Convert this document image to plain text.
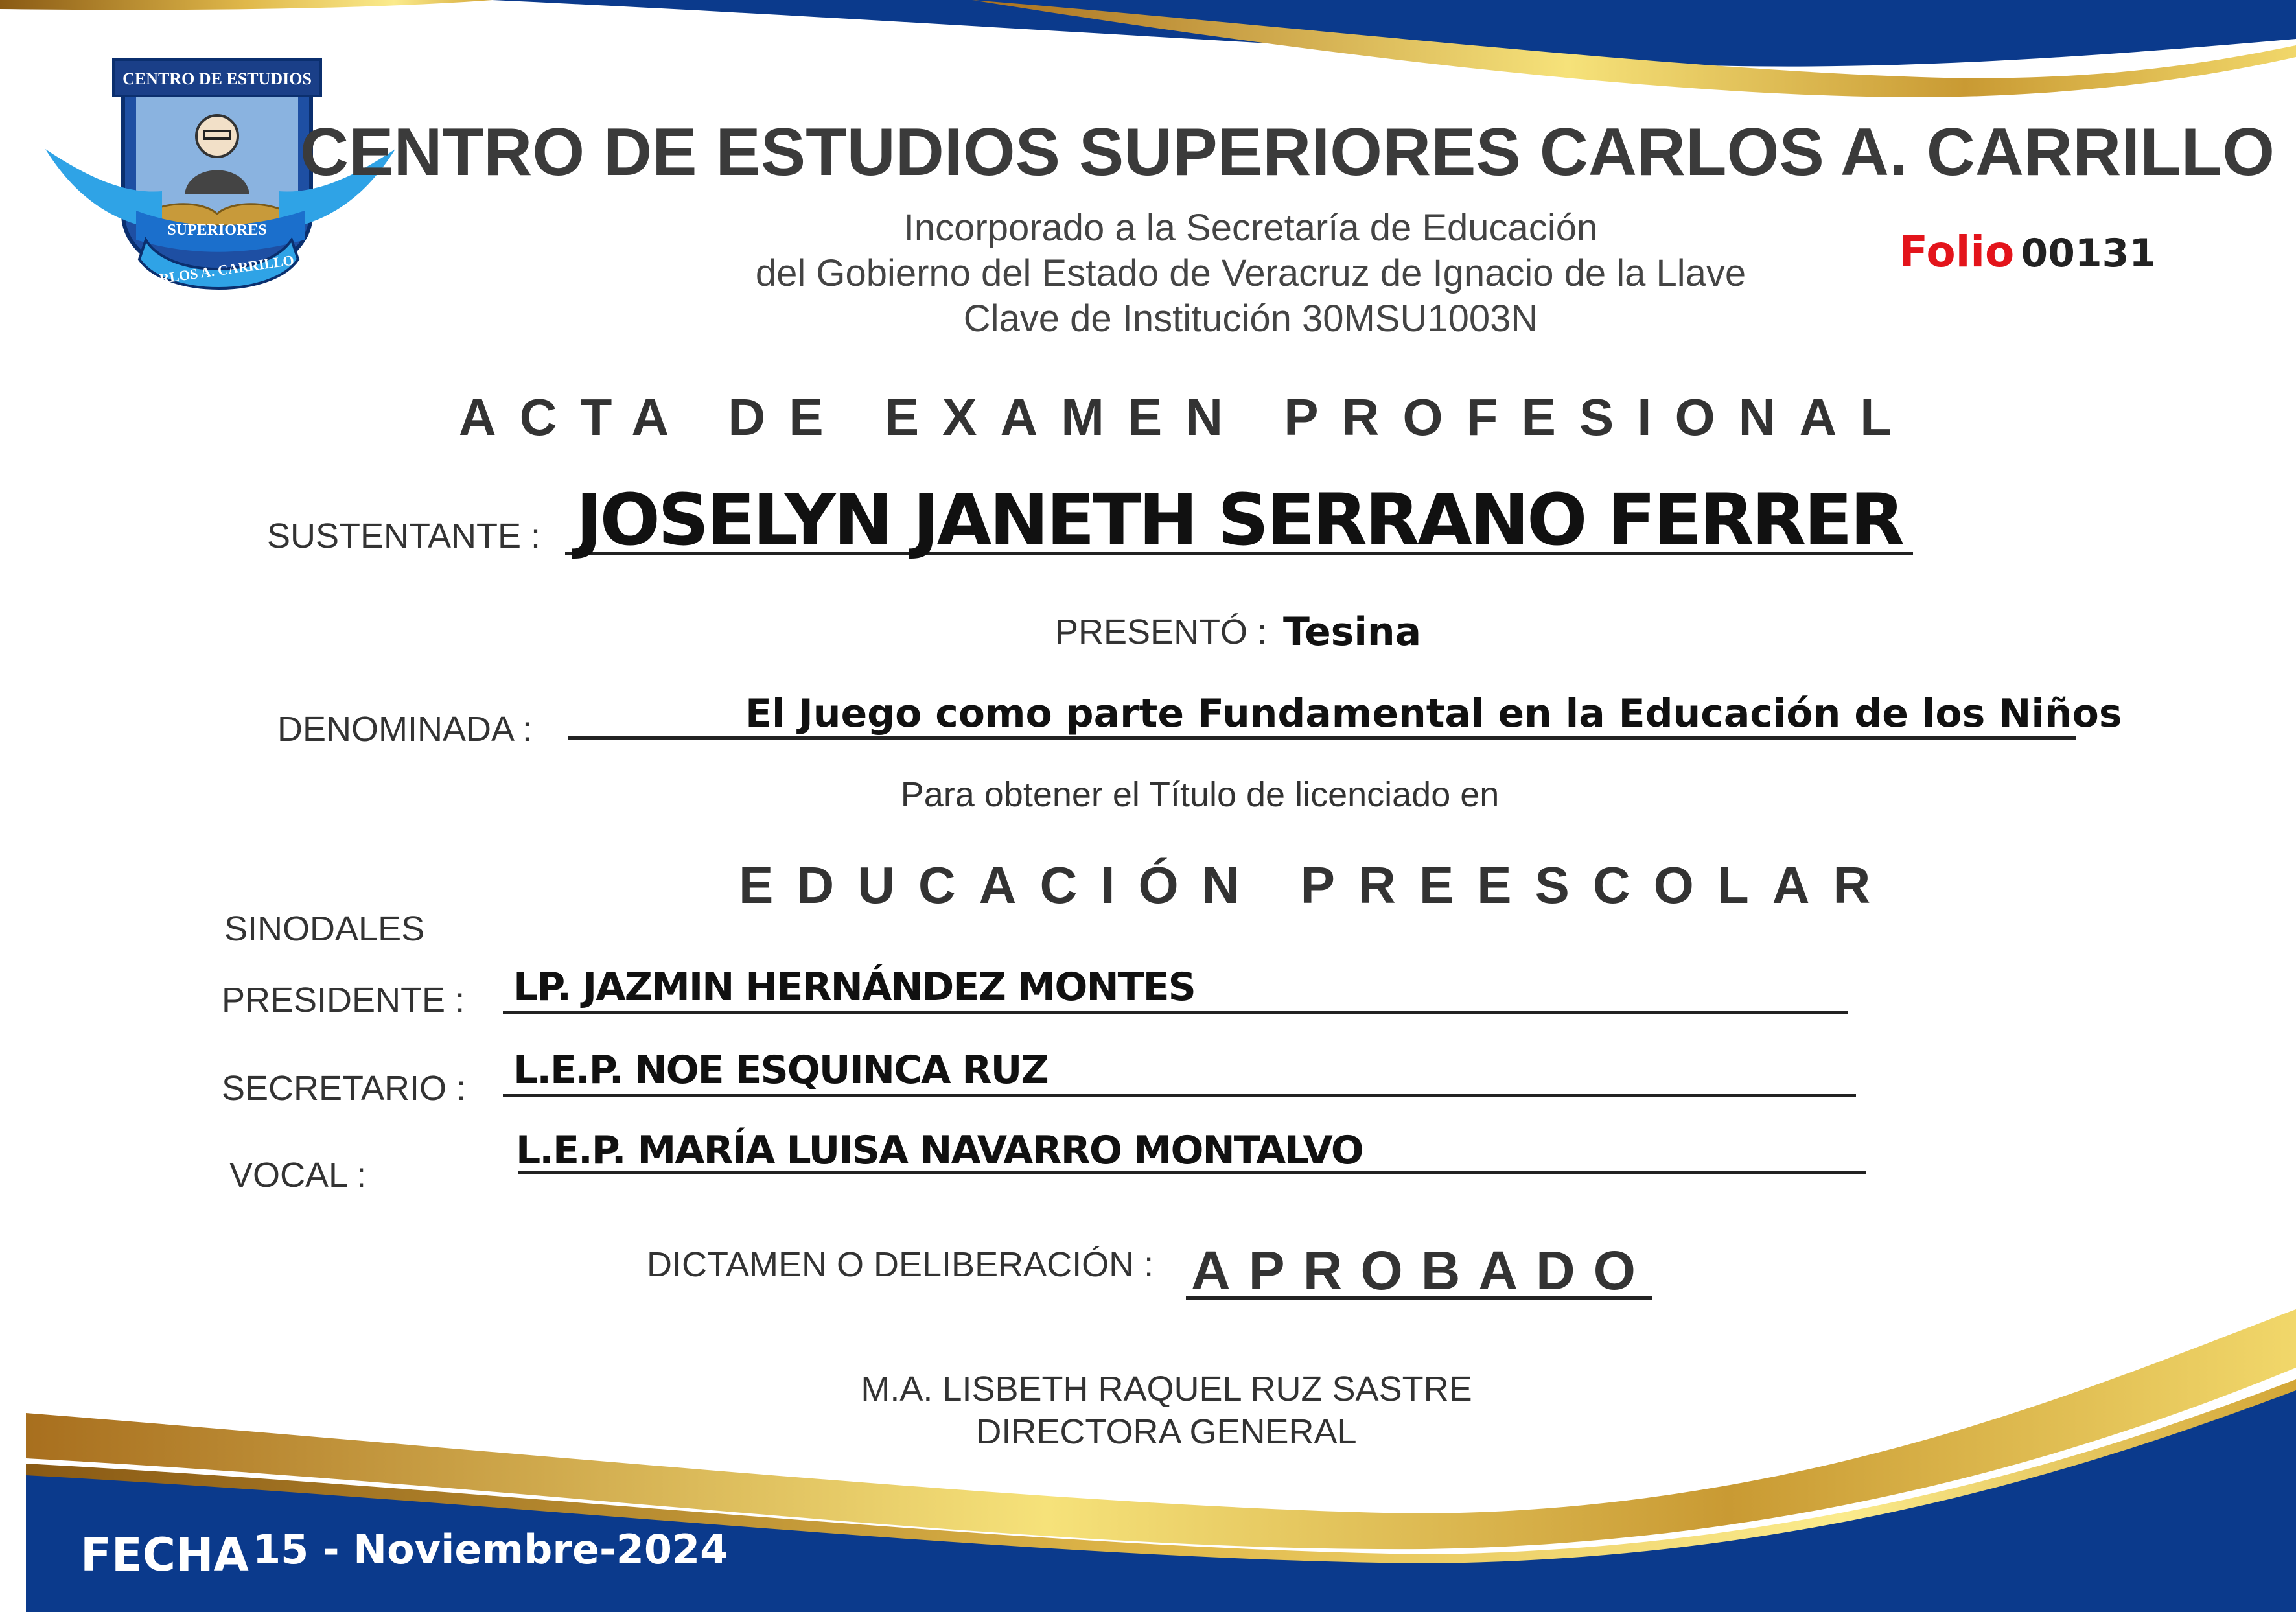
CENTRO DE ESTUDIOS
SUPERIORES
CARLOS A. CARRILLO
CENTRO DE ESTUDIOS SUPERIORES CARLOS A. CARRILLO
Incorporado a la Secretaría de Educación
del Gobierno del Estado de Veracruz de Ignacio de la Llave
Clave de Institución 30MSU1003N
Folio 00131
ACTA DE EXAMEN PROFESIONAL
SUSTENTANTE : JOSELYN JANETH SERRANO FERRER
PRESENTÓ : Tesina
DENOMINADA :	El Juego como parte Fundamental en la Educación de los Niños
Para obtener el Título de licenciado en
EDUCACIÓN PREESCOLAR
SINODALES
PRESIDENTE : LP. JAZMIN HERNÁNDEZ MONTES
SECRETARIO : L.E.P. NOE ESQUINCA RUZ
VOCAL :
L.E.P. MARÍA LUISA NAVARRO MONTALVO
DICTAMEN O DELIBERACIÓN : APROBADO
M.A. LISBETH RAQUEL RUZ SASTRE
DIRECTORA GENERAL
FECHA 15 - Noviembre-2024
